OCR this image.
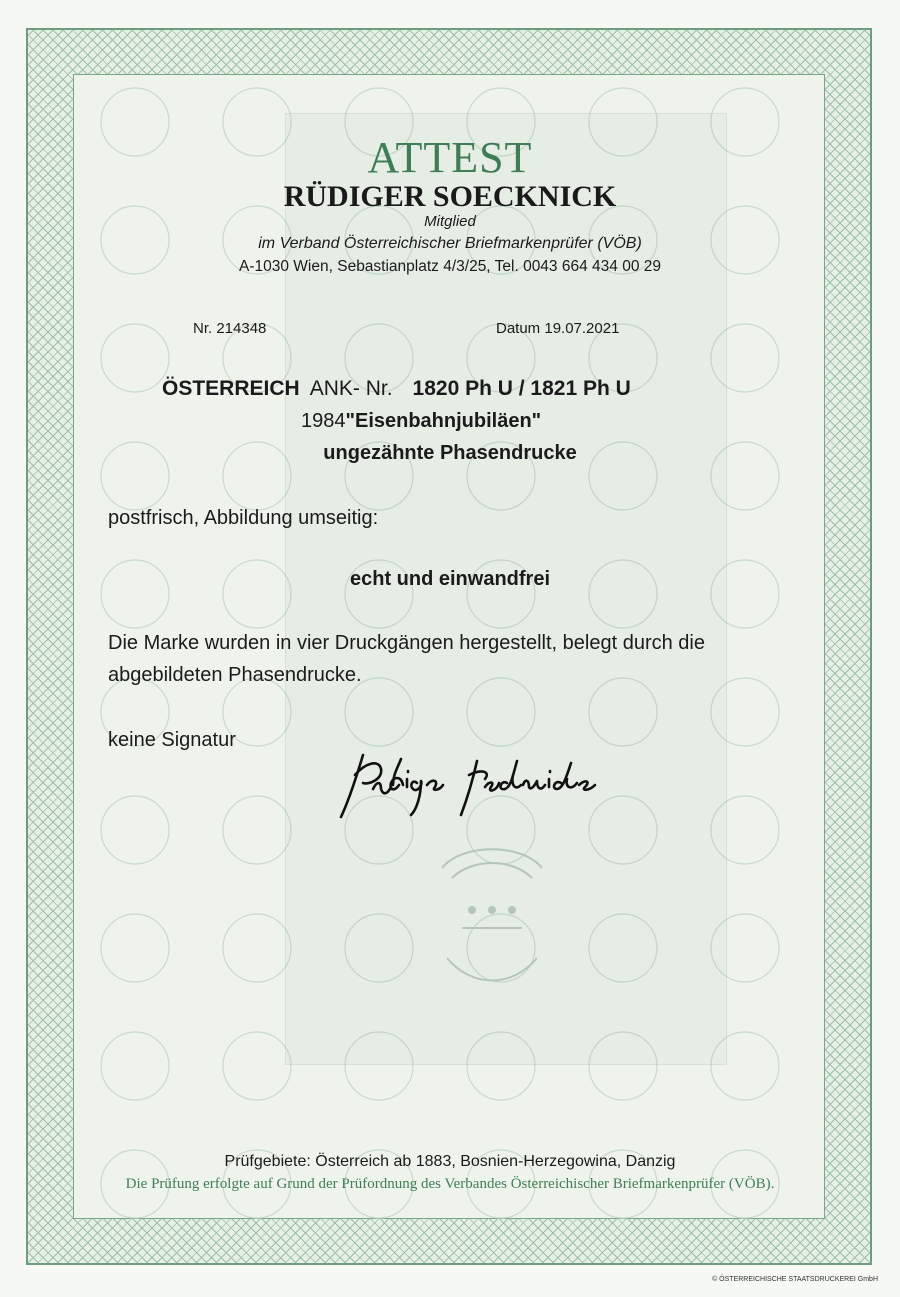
ATTEST
RÜDIGER SOECKNICK
Mitglied
im Verband Österreichischer Briefmarkenprüfer (VÖB)
A-1030 Wien, Sebastianplatz 4/3/25, Tel. 0043 664 434 00 29
Nr. 214348	Datum 19.07.2021
ÖSTERREICH ANK- Nr. 1820 Ph U / 1821 Ph U
1984"Eisenbahnjubiläen"
ungezähnte Phasendrucke
postfrisch, Abbildung umseitig:
echt und einwandfrei
Die Marke wurden in vier Druckgängen hergestellt, belegt durch die
abgebildeten Phasendrucke.
keine Signatur
Prüfgebiete: Österreich ab 1883, Bosnien-Herzegowina, Danzig
Die Prüfung erfolgte auf Grund der Prüfordnung des Verbandes Österreichischer Briefmarkenprüfer (VÖB).
© ÖSTERREICHISCHE STAATSDRUCKEREI GmbH
